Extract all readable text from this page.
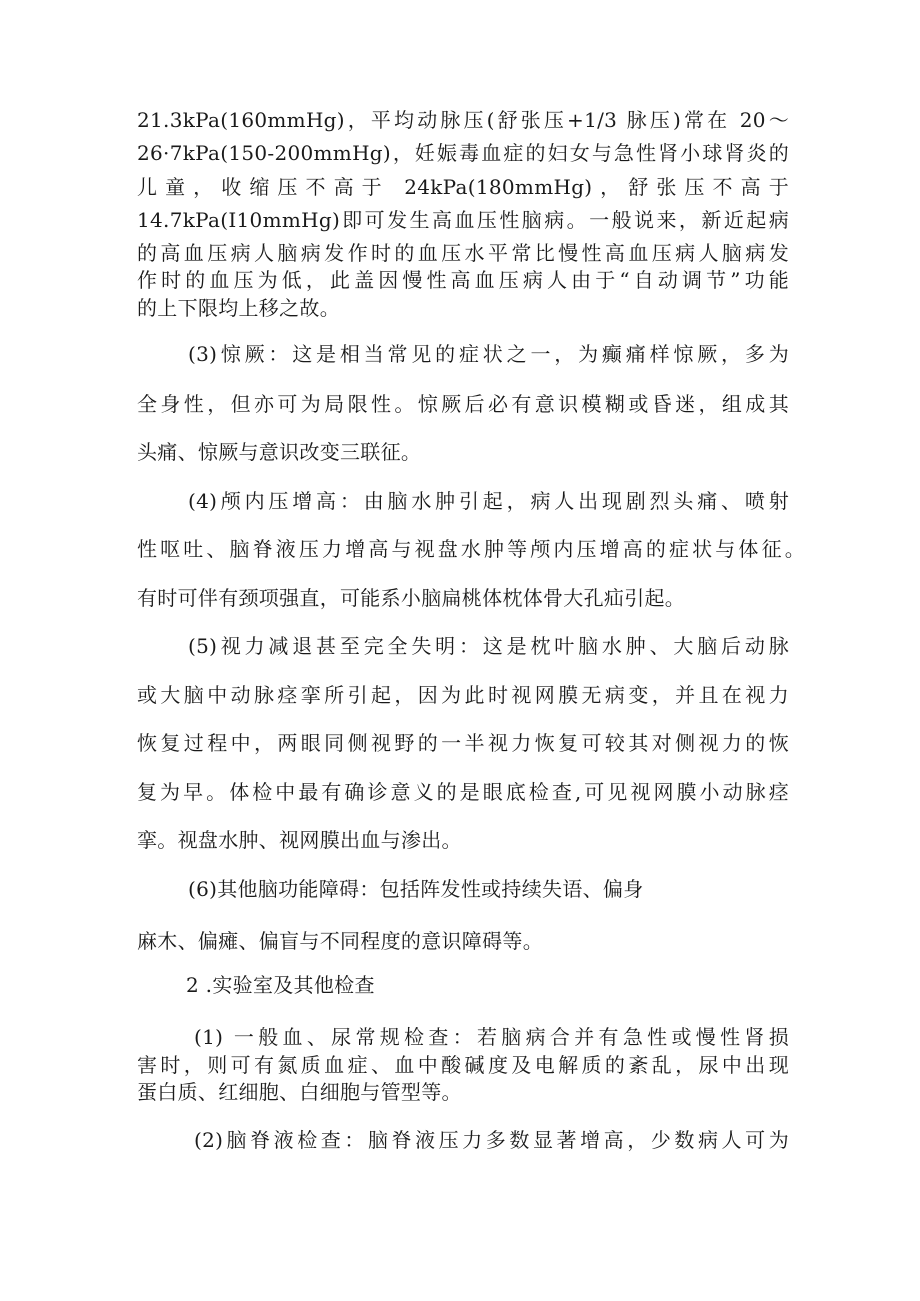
21.3kPa(160mmHg)，平均动脉压(舒张压+1/3 脉压)常在 20～
26·7kPa(150-200mmHg)，妊娠毒血症的妇女与急性肾小球肾炎的
儿童，收缩压不高于 24kPa(180mmHg)，舒张压不高于
14.7kPa(I10mmHg)即可发生高血压性脑病。一般说来，新近起病
的高血压病人脑病发作时的血压水平常比慢性高血压病人脑病发
作时的血压为低，此盖因慢性高血压病人由于“自动调节”功能
的上下限均上移之故。
(3)惊厥：这是相当常见的症状之一，为癫痛样惊厥，多为
全身性，但亦可为局限性。惊厥后必有意识模糊或昏迷，组成其
头痛、惊厥与意识改变三联征。
(4)颅内压增高：由脑水肿引起，病人出现剧烈头痛、喷射
性呕吐、脑脊液压力增高与视盘水肿等颅内压增高的症状与体征。
有时可伴有颈项强直，可能系小脑扁桃体枕体骨大孔疝引起。
(5)视力减退甚至完全失明：这是枕叶脑水肿、大脑后动脉
或大脑中动脉痉挛所引起，因为此时视网膜无病变，并且在视力
恢复过程中，两眼同侧视野的一半视力恢复可较其对侧视力的恢
复为早。体检中最有确诊意义的是眼底检查,可见视网膜小动脉痉
挛。视盘水肿、视网膜出血与渗出。
(6)其他脑功能障碍：包括阵发性或持续失语、偏身
麻木、偏瘫、偏盲与不同程度的意识障碍等。
2 .实验室及其他检查
(1) 一般血、尿常规检查：若脑病合并有急性或慢性肾损
害时，则可有氮质血症、血中酸碱度及电解质的紊乱，尿中出现
蛋白质、红细胞、白细胞与管型等。
(2)脑脊液检查：脑脊液压力多数显著增高，少数病人可为
